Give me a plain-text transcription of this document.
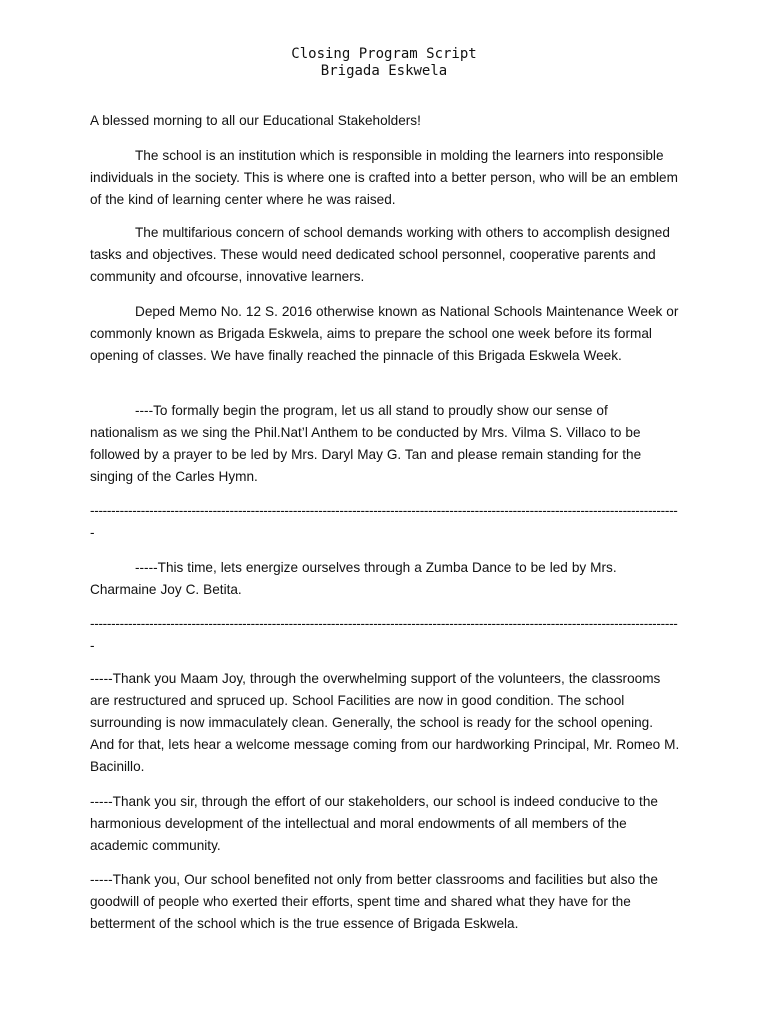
Closing Program Script
Brigada Eskwela
A blessed morning to all our Educational Stakeholders!
The school is an institution which is responsible in molding the learners into responsible individuals in the society. This is where one is crafted into a better person, who will be an emblem of the kind of learning center where he was raised.
The multifarious concern of school demands working with others to accomplish designed tasks and objectives. These would need dedicated school personnel, cooperative parents and community and ofcourse, innovative learners.
Deped Memo No. 12 S. 2016 otherwise known as National Schools Maintenance Week or commonly known as Brigada Eskwela, aims to prepare the school one week before its formal opening of classes. We have finally reached the pinnacle of this Brigada Eskwela Week.
----To formally begin the program, let us all stand to proudly show our sense of nationalism as we sing the Phil.Nat’l Anthem to be conducted by Mrs. Vilma S. Villaco to be followed by a prayer to be led by Mrs. Daryl May G. Tan and please remain standing for the singing of the Carles Hymn.
--------------------------------------------------------------------------------------------------------------------------------------------
-----This time, lets energize ourselves through a Zumba Dance to be led by Mrs. Charmaine Joy C. Betita.
--------------------------------------------------------------------------------------------------------------------------------------------
-----Thank you Maam Joy, through the overwhelming support of the volunteers, the classrooms are restructured and spruced up. School Facilities are now in good condition. The school surrounding is now immaculately clean. Generally, the school is ready for the school opening. And for that, lets hear a welcome message coming from our hardworking Principal, Mr. Romeo M. Bacinillo.
-----Thank you sir, through the effort of our stakeholders, our school is indeed conducive to the harmonious development of the intellectual and moral endowments of all members of the academic community.
-----Thank you, Our school benefited not only from better classrooms and facilities but also the goodwill of people who exerted their efforts, spent time and shared what they have for the betterment of the school which is the true essence of Brigada Eskwela.
